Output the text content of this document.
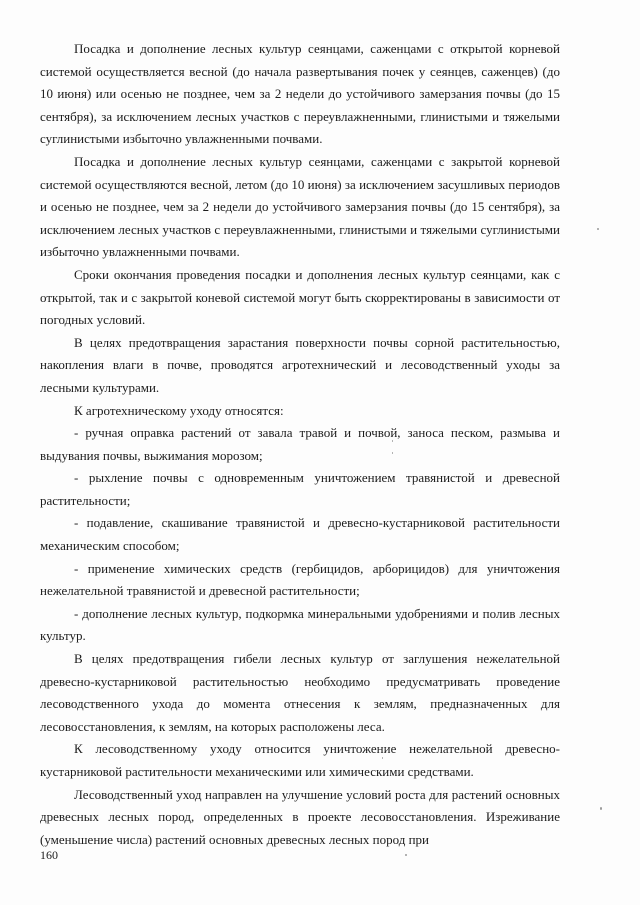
Посадка и дополнение лесных культур сеянцами, саженцами с открытой корневой системой осуществляется весной (до начала развертывания почек у сеянцев, саженцев) (до 10 июня) или осенью не позднее, чем за 2 недели до устойчивого замерзания почвы (до 15 сентября), за исключением лесных участков с переувлажненными, глинистыми и тяжелыми суглинистыми избыточно увлажненными почвами.

Посадка и дополнение лесных культур сеянцами, саженцами с закрытой корневой системой осуществляются весной, летом (до 10 июня) за исключением засушливых периодов и осенью не позднее, чем за 2 недели до устойчивого замерзания почвы (до 15 сентября), за исключением лесных участков с переувлажненными, глинистыми и тяжелыми суглинистыми избыточно увлажненными почвами.

Сроки окончания проведения посадки и дополнения лесных культур сеянцами, как с открытой, так и с закрытой коневой системой могут быть скорректированы в зависимости от погодных условий.

В целях предотвращения зарастания поверхности почвы сорной растительностью, накопления влаги в почве, проводятся агротехнический и лесоводственный уходы за лесными культурами.

К агротехническому уходу относятся:

- ручная оправка растений от завала травой и почвой, заноса песком, размыва и выдувания почвы, выжимания морозом;

- рыхление почвы с одновременным уничтожением травянистой и древесной растительности;

- подавление, скашивание травянистой и древесно-кустарниковой растительности механическим способом;

- применение химических средств (гербицидов, арборицидов) для уничтожения нежелательной травянистой и древесной растительности;

- дополнение лесных культур, подкормка минеральными удобрениями и полив лесных культур.

В целях предотвращения гибели лесных культур от заглушения нежелательной древесно-кустарниковой растительностью необходимо предусматривать проведение лесоводственного ухода до момента отнесения к землям, предназначенных для лесовосстановления, к землям, на которых расположены леса.

К лесоводственному уходу относится уничтожение нежелательной древесно-кустарниковой растительности механическими или химическими средствами.

Лесоводственный уход направлен на улучшение условий роста для растений основных древесных лесных пород, определенных в проекте лесовосстановления. Изреживание (уменьшение числа) растений основных древесных лесных пород при

160
